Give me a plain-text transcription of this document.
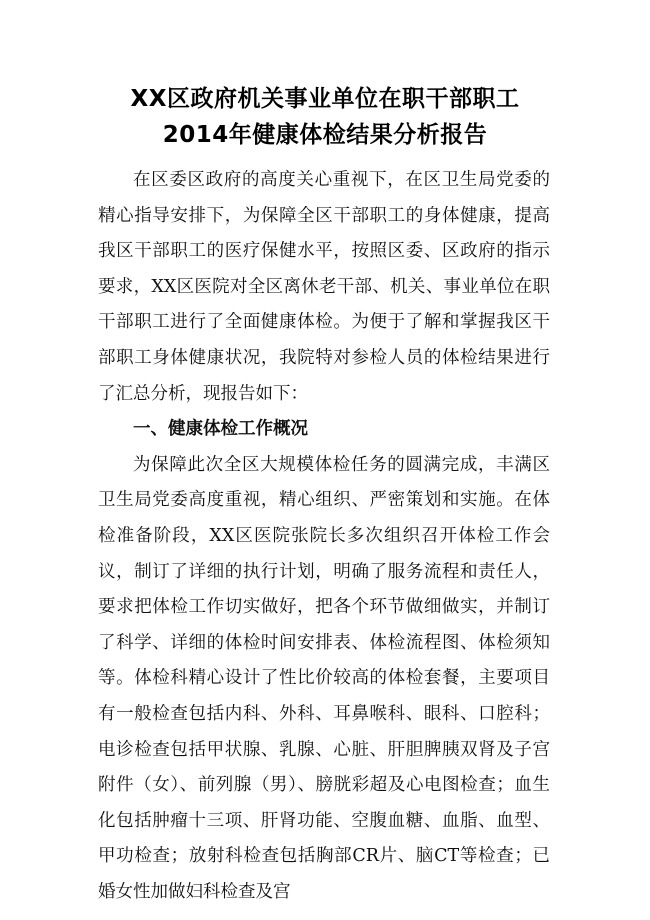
XX区政府机关事业单位在职干部职工
2014年健康体检结果分析报告

在区委区政府的高度关心重视下，在区卫生局党委的精心指导安排下，为保障全区干部职工的身体健康，提高我区干部职工的医疗保健水平，按照区委、区政府的指示要求，XX区医院对全区离休老干部、机关、事业单位在职干部职工进行了全面健康体检。为便于了解和掌握我区干部职工身体健康状况，我院特对参检人员的体检结果进行了汇总分析，现报告如下：

一、健康体检工作概况

为保障此次全区大规模体检任务的圆满完成，丰满区卫生局党委高度重视，精心组织、严密策划和实施。在体检准备阶段，XX区医院张院长多次组织召开体检工作会议，制订了详细的执行计划，明确了服务流程和责任人，要求把体检工作切实做好，把各个环节做细做实，并制订了科学、详细的体检时间安排表、体检流程图、体检须知等。体检科精心设计了性比价较高的体检套餐，主要项目有一般检查包括内科、外科、耳鼻喉科、眼科、口腔科；电诊检查包括甲状腺、乳腺、心脏、肝胆脾胰双肾及子宫附件（女）、前列腺（男）、膀胱彩超及心电图检查；血生化包括肿瘤十三项、肝肾功能、空腹血糖、血脂、血型、甲功检查；放射科检查包括胸部CR片、脑CT等检查；已婚女性加做妇科检查及宫
